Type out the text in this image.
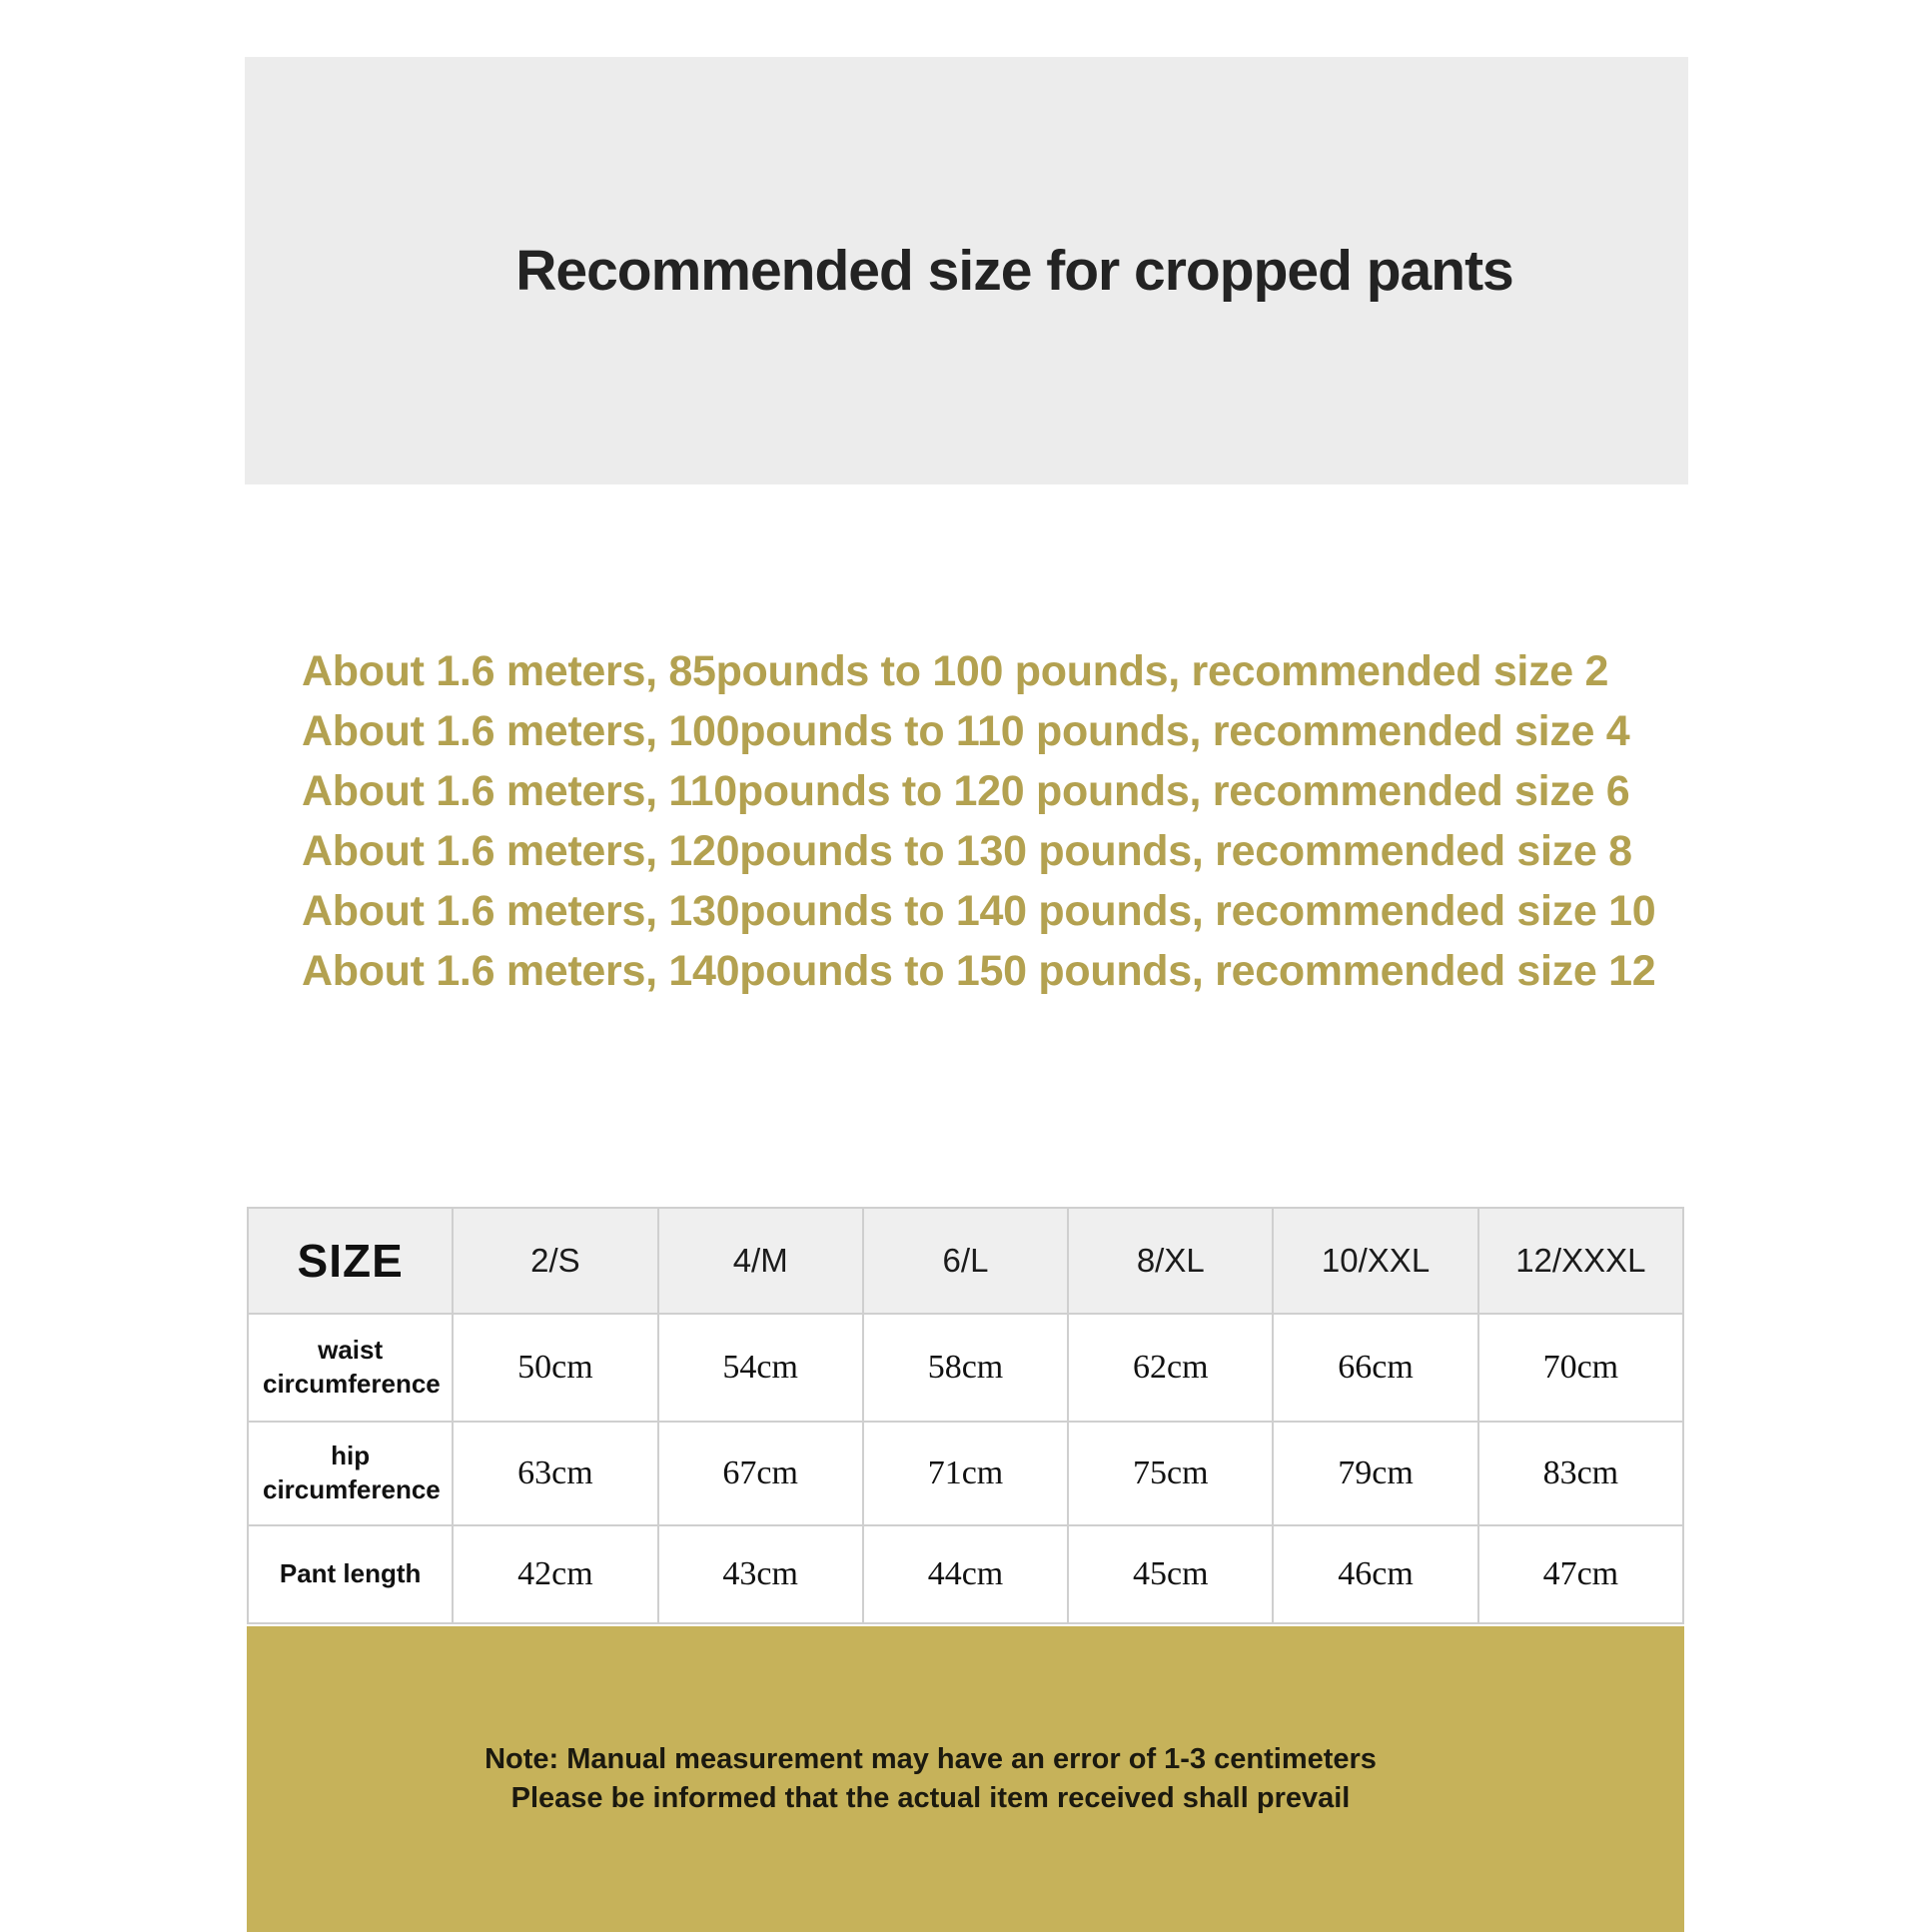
Recommended size for cropped pants
About 1.6 meters, 85pounds to 100 pounds, recommended size 2
About 1.6 meters, 100pounds to 110 pounds, recommended size 4
About 1.6 meters, 110pounds to 120 pounds, recommended size 6
About 1.6 meters, 120pounds to 130 pounds, recommended size 8
About 1.6 meters, 130pounds to 140 pounds, recommended size 10
About 1.6 meters, 140pounds to 150 pounds, recommended size 12
SIZE	2/S	4/M	6/L	8/XL	10/XXL	12/XXXL
waist circumference	50cm	54cm	58cm	62cm	66cm	70cm
hip circumference	63cm	67cm	71cm	75cm	79cm	83cm
Pant length	42cm	43cm	44cm	45cm	46cm	47cm
Note: Manual measurement may have an error of 1-3 centimeters
Please be informed that the actual item received shall prevail
